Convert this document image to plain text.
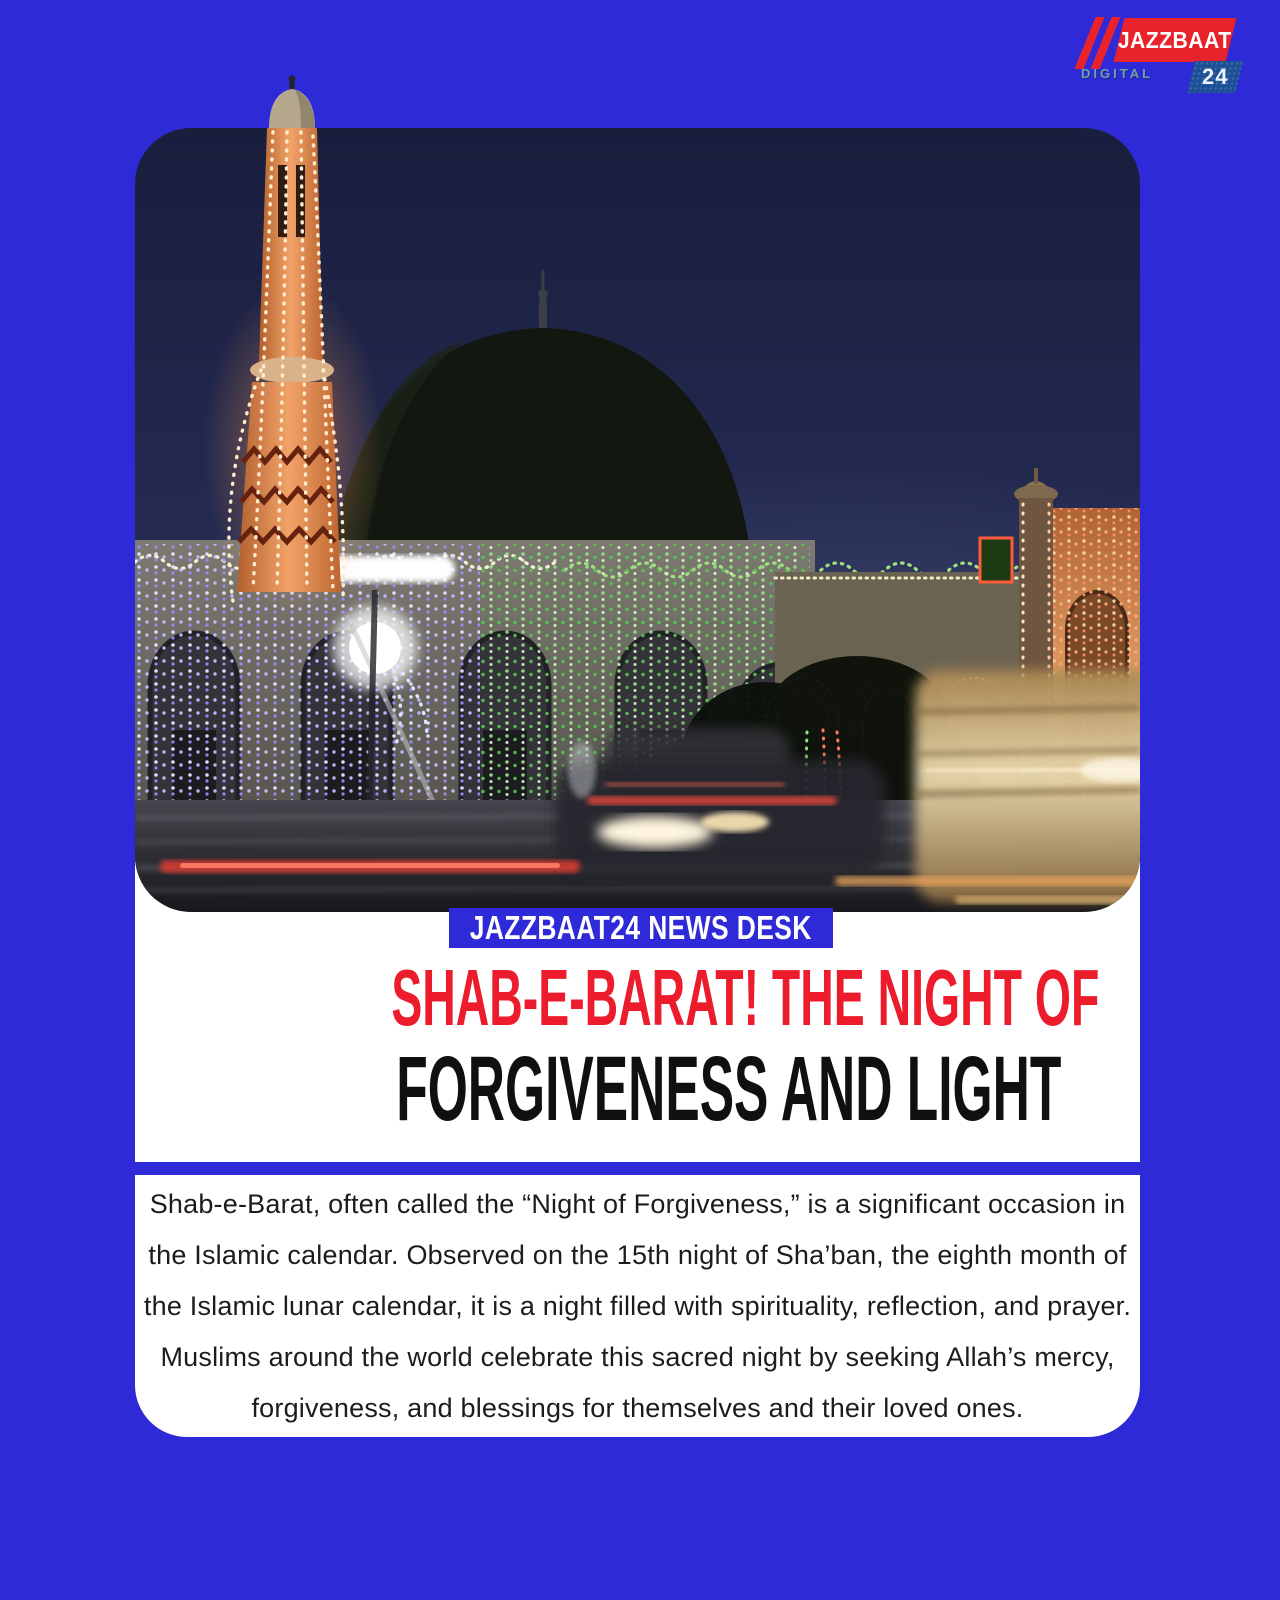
JAZZBAAT
DIGITAL 24
SHAB-E-BARAT! THE NIGHT OF
FORGIVENESS AND LIGHT
JAZZBAAT24 NEWS DESK
Shab-e-Barat, often called the “Night of Forgiveness,” is a significant occasion in
the Islamic calendar. Observed on the 15th night of Sha’ban, the eighth month of
the Islamic lunar calendar, it is a night filled with spirituality, reflection, and prayer.
Muslims around the world celebrate this sacred night by seeking Allah’s mercy,
forgiveness, and blessings for themselves and their loved ones.
